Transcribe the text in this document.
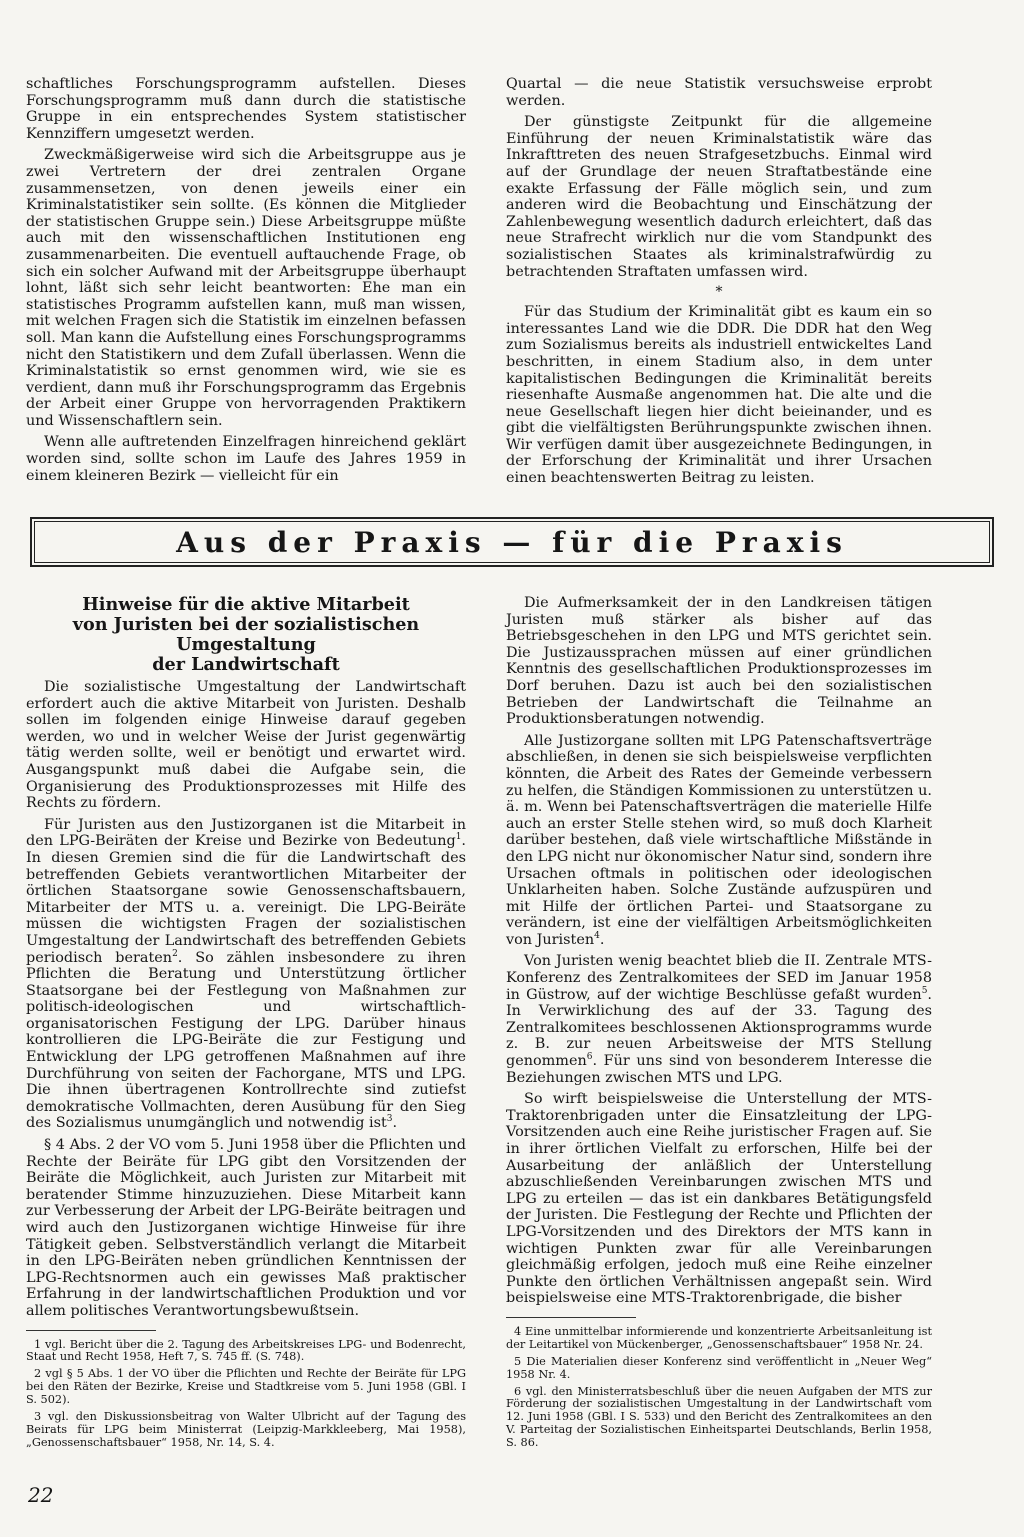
schaftliches Forschungsprogramm aufstellen. Dieses Forschungsprogramm muß dann durch die statistische Gruppe in ein entsprechendes System statistischer Kennziffern umgesetzt werden.

Zweckmäßigerweise wird sich die Arbeitsgruppe aus je zwei Vertretern der drei zentralen Organe zusammensetzen, von denen jeweils einer ein Kriminalstatistiker sein sollte. (Es können die Mitglieder der statistischen Gruppe sein.) Diese Arbeitsgruppe müßte auch mit den wissenschaftlichen Institutionen eng zusammenarbeiten. Die eventuell auftauchende Frage, ob sich ein solcher Aufwand mit der Arbeitsgruppe überhaupt lohnt, läßt sich sehr leicht beantworten: Ehe man ein statistisches Programm aufstellen kann, muß man wissen, mit welchen Fragen sich die Statistik im einzelnen befassen soll. Man kann die Aufstellung eines Forschungsprogramms nicht den Statistikern und dem Zufall überlassen. Wenn die Kriminalstatistik so ernst genommen wird, wie sie es verdient, dann muß ihr Forschungsprogramm das Ergebnis der Arbeit einer Gruppe von hervorragenden Praktikern und Wissenschaftlern sein.

Wenn alle auftretenden Einzelfragen hinreichend geklärt worden sind, sollte schon im Laufe des Jahres 1959 in einem kleineren Bezirk — vielleicht für ein

Quartal — die neue Statistik versuchsweise erprobt werden.

Der günstigste Zeitpunkt für die allgemeine Einführung der neuen Kriminalstatistik wäre das Inkrafttreten des neuen Strafgesetzbuchs. Einmal wird auf der Grundlage der neuen Straftatbestände eine exakte Erfassung der Fälle möglich sein, und zum anderen wird die Beobachtung und Einschätzung der Zahlenbewegung wesentlich dadurch erleichtert, daß das neue Strafrecht wirklich nur die vom Standpunkt des sozialistischen Staates als kriminalstrafwürdig zu betrachtenden Straftaten umfassen wird.

*

Für das Studium der Kriminalität gibt es kaum ein so interessantes Land wie die DDR. Die DDR hat den Weg zum Sozialismus bereits als industriell entwickeltes Land beschritten, in einem Stadium also, in dem unter kapitalistischen Bedingungen die Kriminalität bereits riesenhafte Ausmaße angenommen hat. Die alte und die neue Gesellschaft liegen hier dicht beieinander, und es gibt die vielfältigsten Berührungspunkte zwischen ihnen. Wir verfügen damit über ausgezeichnete Bedingungen, in der Erforschung der Kriminalität und ihrer Ursachen einen beachtenswerten Beitrag zu leisten.

Aus der Praxis — für die Praxis
Hinweise für die aktive Mitarbeit
von Juristen bei der sozialistischen Umgestaltung
der Landwirtschaft

Die sozialistische Umgestaltung der Landwirtschaft erfordert auch die aktive Mitarbeit von Juristen. Deshalb sollen im folgenden einige Hinweise darauf gegeben werden, wo und in welcher Weise der Jurist gegenwärtig tätig werden sollte, weil er benötigt und erwartet wird. Ausgangspunkt muß dabei die Aufgabe sein, die Organisierung des Produktionsprozesses mit Hilfe des Rechts zu fördern.

Für Juristen aus den Justizorganen ist die Mitarbeit in den LPG-Beiräten der Kreise und Bezirke von Bedeutung$^1$. In diesen Gremien sind die für die Landwirtschaft des betreffenden Gebiets verantwortlichen Mitarbeiter der örtlichen Staatsorgane sowie Genossenschaftsbauern, Mitarbeiter der MTS u. a. vereinigt. Die LPG-Beiräte müssen die wichtigsten Fragen der sozialistischen Umgestaltung der Landwirtschaft des betreffenden Gebiets periodisch beraten$^2$. So zählen insbesondere zu ihren Pflichten die Beratung und Unterstützung örtlicher Staatsorgane bei der Festlegung von Maßnahmen zur politisch-ideologischen und wirtschaftlich-organisatorischen Festigung der LPG. Darüber hinaus kontrollieren die LPG-Beiräte die zur Festigung und Entwicklung der LPG getroffenen Maßnahmen auf ihre Durchführung von seiten der Fachorgane, MTS und LPG. Die ihnen übertragenen Kontrollrechte sind zutiefst demokratische Vollmachten, deren Ausübung für den Sieg des Sozialismus unumgänglich und notwendig ist$^3$.

§ 4 Abs. 2 der VO vom 5. Juni 1958 über die Pflichten und Rechte der Beiräte für LPG gibt den Vorsitzenden der Beiräte die Möglichkeit, auch Juristen zur Mitarbeit mit beratender Stimme hinzuzuziehen. Diese Mitarbeit kann zur Verbesserung der Arbeit der LPG-Beiräte beitragen und wird auch den Justizorganen wichtige Hinweise für ihre Tätigkeit geben. Selbstverständlich verlangt die Mitarbeit in den LPG-Beiräten neben gründlichen Kenntnissen der LPG-Rechtsnormen auch ein gewisses Maß praktischer Erfahrung in der landwirtschaftlichen Produktion und vor allem politisches Verantwortungsbewußtsein.

1 vgl. Bericht über die 2. Tagung des Arbeitskreises LPG- und Bodenrecht, Staat und Recht 1958, Heft 7, S. 745 ff. (S. 748).

2 vgl § 5 Abs. 1 der VO über die Pflichten und Rechte der Beiräte für LPG bei den Räten der Bezirke, Kreise und Stadtkreise vom 5. Juni 1958 (GBl. I S. 502).

3 vgl. den Diskussionsbeitrag von Walter Ulbricht auf der Tagung des Beirats für LPG beim Ministerrat (Leipzig-Markkleeberg, Mai 1958), „Genossenschaftsbauer“ 1958, Nr. 14, S. 4.

Die Aufmerksamkeit der in den Landkreisen tätigen Juristen muß stärker als bisher auf das Betriebsgeschehen in den LPG und MTS gerichtet sein. Die Justizaussprachen müssen auf einer gründlichen Kenntnis des gesellschaftlichen Produktionsprozesses im Dorf beruhen. Dazu ist auch bei den sozialistischen Betrieben der Landwirtschaft die Teilnahme an Produktionsberatungen notwendig.

Alle Justizorgane sollten mit LPG Patenschaftsverträge abschließen, in denen sie sich beispielsweise verpflichten könnten, die Arbeit des Rates der Gemeinde verbessern zu helfen, die Ständigen Kommissionen zu unterstützen u. ä. m. Wenn bei Patenschaftsverträgen die materielle Hilfe auch an erster Stelle stehen wird, so muß doch Klarheit darüber bestehen, daß viele wirtschaftliche Mißstände in den LPG nicht nur ökonomischer Natur sind, sondern ihre Ursachen oftmals in politischen oder ideologischen Unklarheiten haben. Solche Zustände aufzuspüren und mit Hilfe der örtlichen Partei- und Staatsorgane zu verändern, ist eine der vielfältigen Arbeitsmöglichkeiten von Juristen$^4$.

Von Juristen wenig beachtet blieb die II. Zentrale MTS-Konferenz des Zentralkomitees der SED im Januar 1958 in Güstrow, auf der wichtige Beschlüsse gefaßt wurden$^5$. In Verwirklichung des auf der 33. Tagung des Zentralkomitees beschlossenen Aktionsprogramms wurde z. B. zur neuen Arbeitsweise der MTS Stellung genommen$^6$. Für uns sind von besonderem Interesse die Beziehungen zwischen MTS und LPG.

So wirft beispielsweise die Unterstellung der MTS-Traktorenbrigaden unter die Einsatzleitung der LPG-Vorsitzenden auch eine Reihe juristischer Fragen auf. Sie in ihrer örtlichen Vielfalt zu erforschen, Hilfe bei der Ausarbeitung der anläßlich der Unterstellung abzuschließenden Vereinbarungen zwischen MTS und LPG zu erteilen — das ist ein dankbares Betätigungsfeld der Juristen. Die Festlegung der Rechte und Pflichten der LPG-Vorsitzenden und des Direktors der MTS kann in wichtigen Punkten zwar für alle Vereinbarungen gleichmäßig erfolgen, jedoch muß eine Reihe einzelner Punkte den örtlichen Verhältnissen angepaßt sein. Wird beispielsweise eine MTS-Traktorenbrigade, die bisher

4 Eine unmittelbar informierende und konzentrierte Arbeitsanleitung ist der Leitartikel von Mückenberger, „Genossenschaftsbauer“ 1958 Nr. 24.

5 Die Materialien dieser Konferenz sind veröffentlicht in „Neuer Weg“ 1958 Nr. 4.

6 vgl. den Ministerratsbeschluß über die neuen Aufgaben der MTS zur Förderung der sozialistischen Umgestaltung in der Landwirtschaft vom 12. Juni 1958 (GBl. I S. 533) und den Bericht des Zentralkomitees an den V. Parteitag der Sozialistischen Einheitspartei Deutschlands, Berlin 1958, S. 86.

22
